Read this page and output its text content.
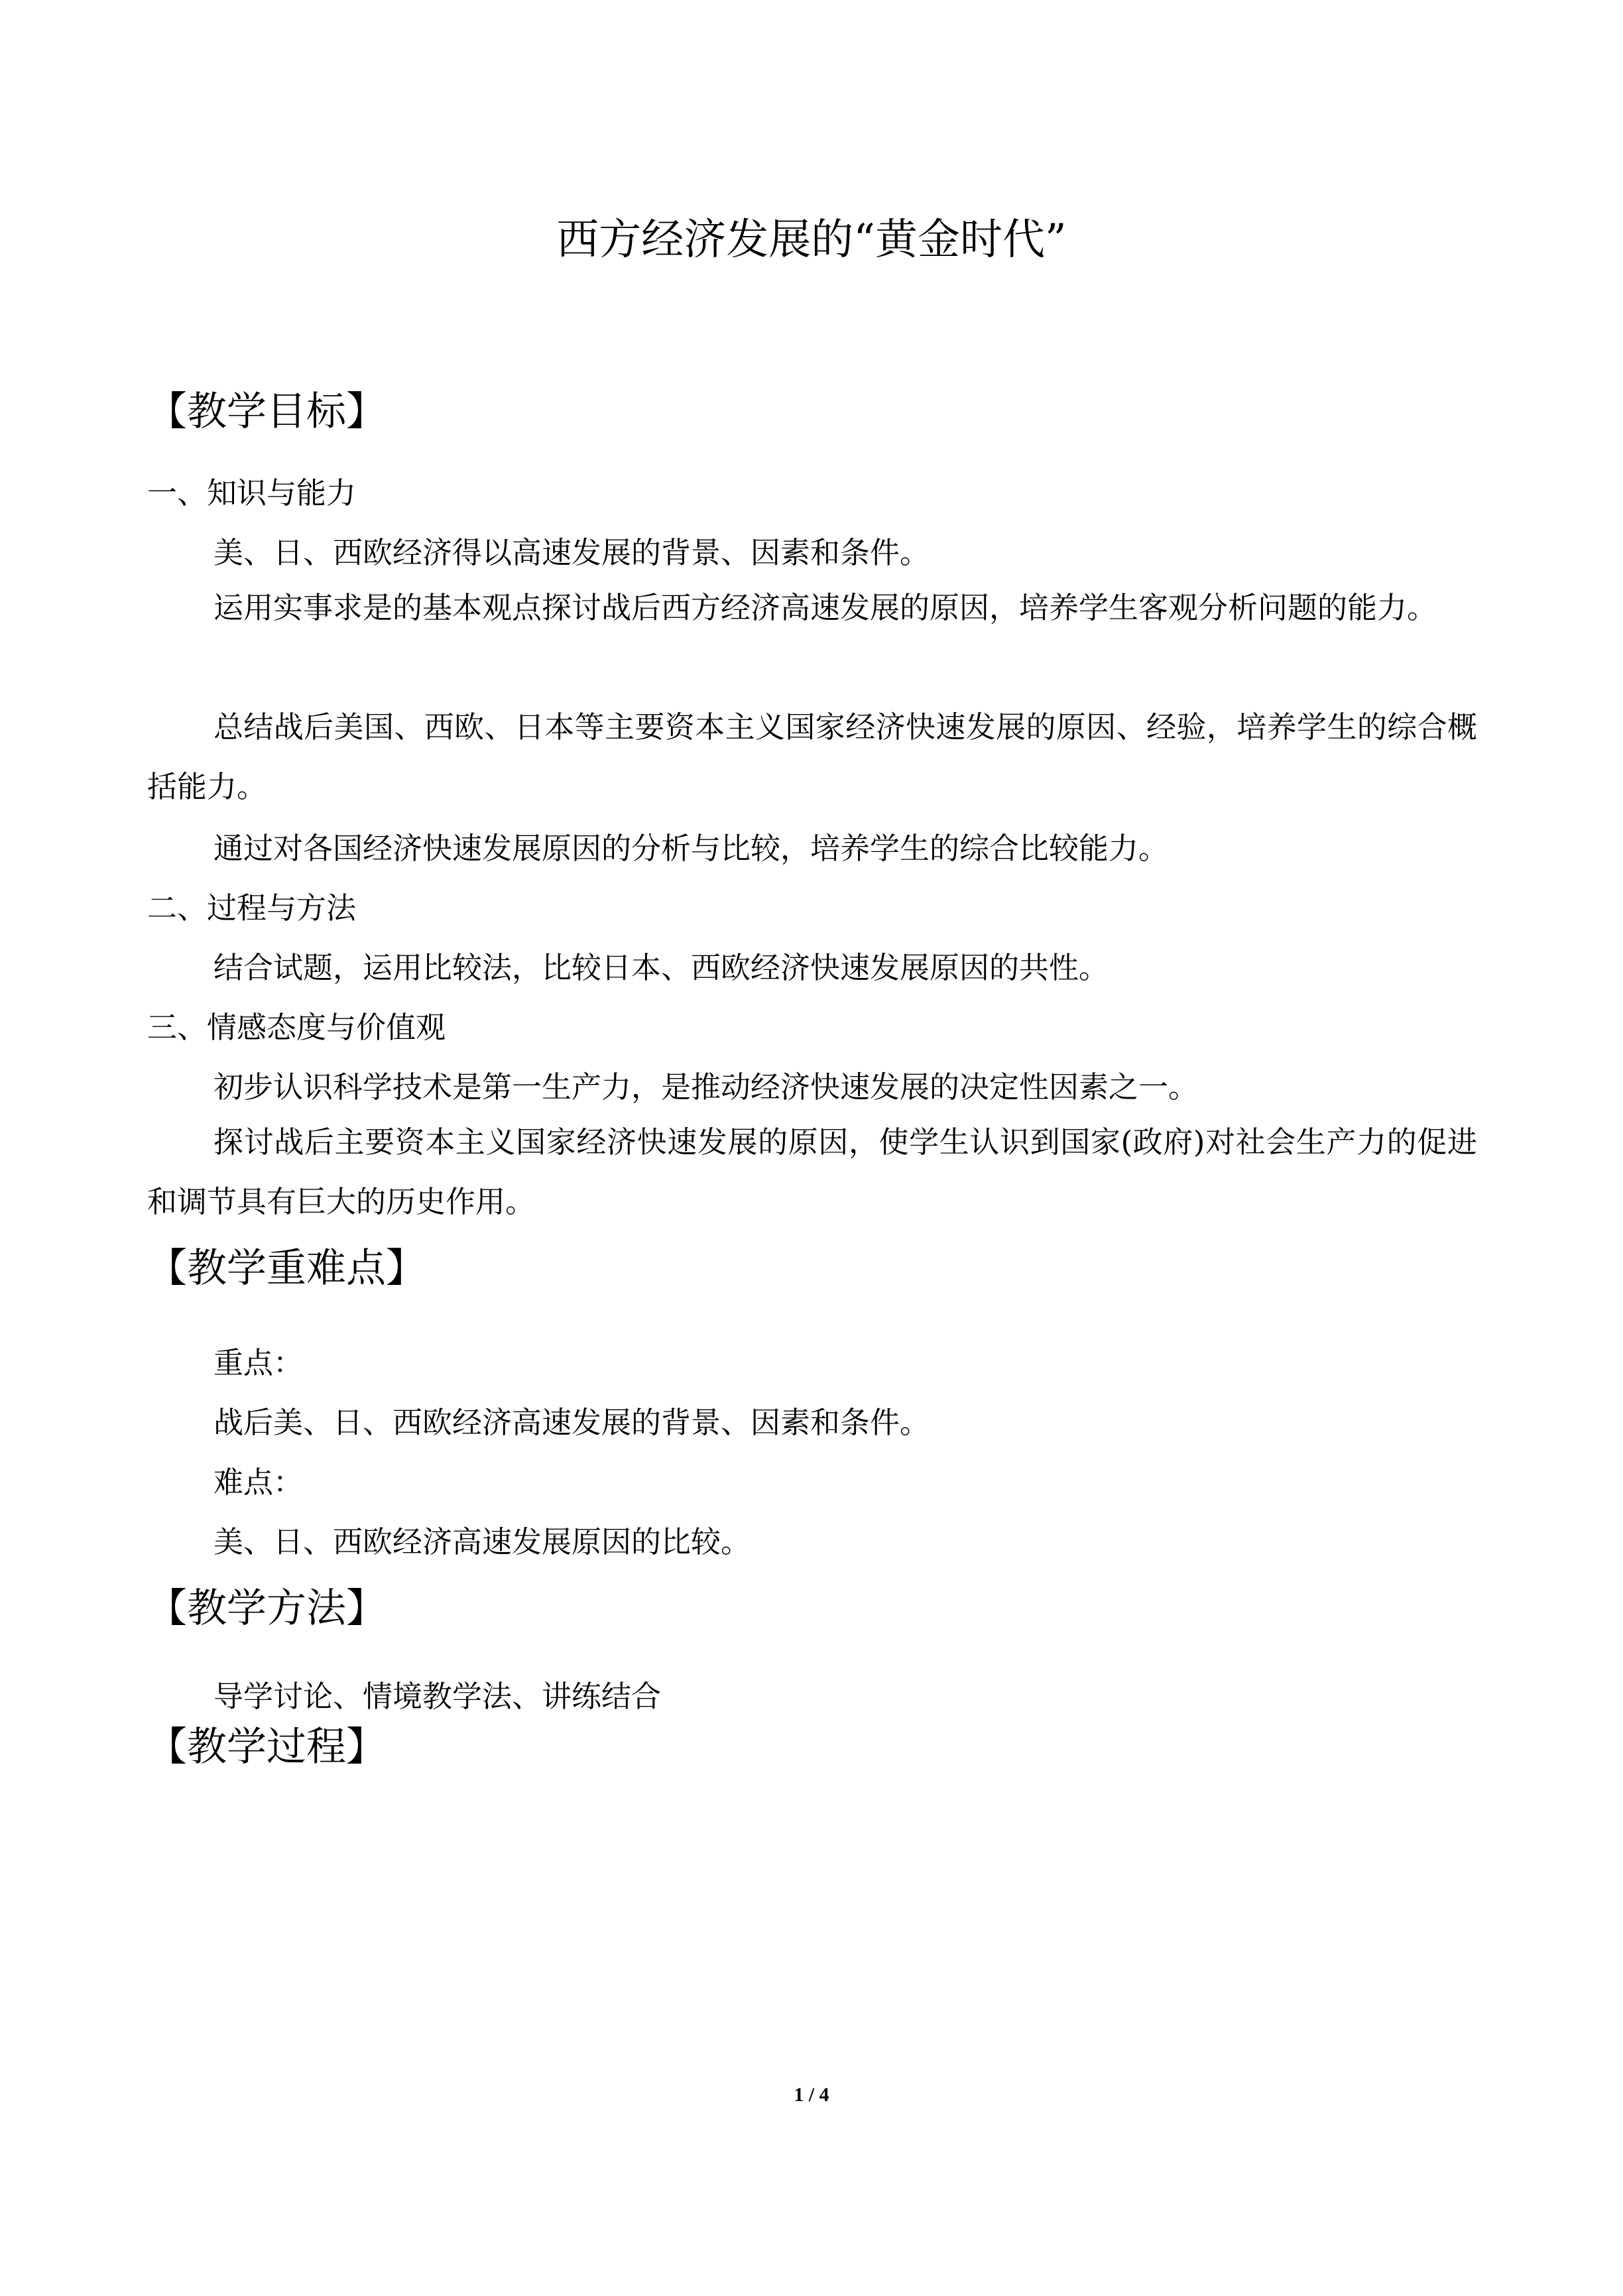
西方经济发展的“黄金时代”
【教学目标】
一、知识与能力
美、日、西欧经济得以高速发展的背景、因素和条件。
运用实事求是的基本观点探讨战后西方经济高速发展的原因，培养学生客观分析问题的能力。
总结战后美国、西欧、日本等主要资本主义国家经济快速发展的原因、经验，培养学生的综合概括能力。
通过对各国经济快速发展原因的分析与比较，培养学生的综合比较能力。
二、过程与方法
结合试题，运用比较法，比较日本、西欧经济快速发展原因的共性。
三、情感态度与价值观
初步认识科学技术是第一生产力，是推动经济快速发展的决定性因素之一。
探讨战后主要资本主义国家经济快速发展的原因，使学生认识到国家(政府)对社会生产力的促进和调节具有巨大的历史作用。
【教学重难点】
重点：
战后美、日、西欧经济高速发展的背景、因素和条件。
难点：
美、日、西欧经济高速发展原因的比较。
【教学方法】
导学讨论、情境教学法、讲练结合
【教学过程】
1 / 4
